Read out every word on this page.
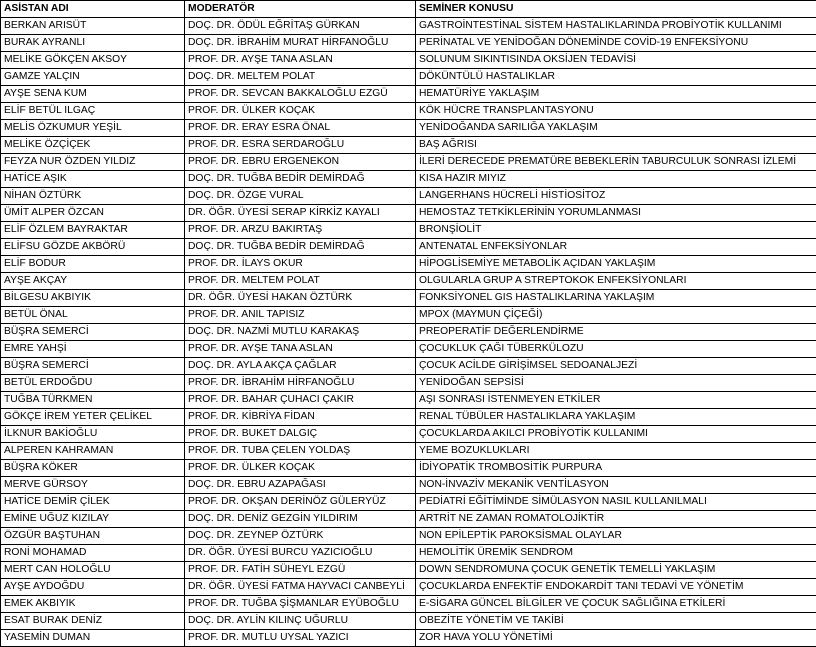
ASİSTAN ADI	MODERATÖR	SEMİNER KONUSU
BERKAN ARISÜT	DOÇ. DR. ÖDÜL EĞRİTAŞ GÜRKAN	GASTROİNTESTİNAL SİSTEM HASTALIKLARINDA PROBİYOTİK KULLANIMI
BURAK AYRANLI	DOÇ. DR. İBRAHİM MURAT HİRFANOĞLU	PERİNATAL VE YENİDOĞAN DÖNEMİNDE COVİD-19 ENFEKSİYONU
MELİKE GÖKÇEN AKSOY	PROF. DR. AYŞE TANA ASLAN	SOLUNUM SIKINTISINDA OKSİJEN TEDAVİSİ
GAMZE YALÇIN	DOÇ. DR. MELTEM POLAT	DÖKÜNTÜLÜ HASTALIKLAR
AYŞE SENA KUM	PROF. DR. SEVCAN BAKKALOĞLU EZGÜ	HEMATÜRİYE YAKLAŞIM
ELİF BETÜL ILGAÇ	PROF. DR. ÜLKER KOÇAK	KÖK HÜCRE TRANSPLANTASYONU
MELİS ÖZKUMUR YEŞİL	PROF. DR. ERAY ESRA ÖNAL	YENİDOĞANDA SARILIĞA YAKLAŞIM
MELİKE ÖZÇİÇEK	PROF. DR. ESRA SERDAROĞLU	BAŞ AĞRISI
FEYZA NUR ÖZDEN YILDIZ	PROF. DR. EBRU ERGENEKON	İLERİ DERECEDE PREMATÜRE BEBEKLERİN TABURCULUK SONRASI İZLEMİ
HATİCE AŞIK	DOÇ. DR. TUĞBA BEDİR DEMİRDAĞ	KISA HAZIR MIYIZ
NİHAN ÖZTÜRK	DOÇ. DR. ÖZGE VURAL	LANGERHANS HÜCRELİ HİSTİOSİTOZ
ÜMİT ALPER ÖZCAN	DR. ÖĞR. ÜYESİ SERAP KİRKİZ KAYALI	HEMOSTAZ TETKİKLERİNİN YORUMLANMASI
ELİF ÖZLEM BAYRAKTAR	PROF. DR. ARZU BAKIRTAŞ	BRONŞİOLİT
ELİFSU GÖZDE AKBÖRÜ	DOÇ. DR. TUĞBA BEDİR DEMİRDAĞ	ANTENATAL ENFEKSİYONLAR
ELİF BODUR	PROF. DR. İLAYS OKUR	HİPOGLİSEMİYE METABOLİK AÇIDAN YAKLAŞIM
AYŞE AKÇAY	PROF. DR. MELTEM POLAT	OLGULARLA GRUP A STREPTOKOK ENFEKSİYONLARI
BİLGESU AKBIYIK	DR. ÖĞR. ÜYESİ HAKAN ÖZTÜRK	FONKSİYONEL GIS HASTALIKLARINA YAKLAŞIM
BETÜL ÖNAL	PROF. DR. ANIL TAPISIZ	MPOX (MAYMUN ÇİÇEĞİ)
BÜŞRA SEMERCİ	DOÇ. DR. NAZMİ MUTLU KARAKAŞ	PREOPERATİF DEĞERLENDİRME
EMRE YAHŞİ	PROF. DR. AYŞE TANA ASLAN	ÇOCUKLUK ÇAĞI TÜBERKÜLOZU
BÜŞRA SEMERCİ	DOÇ. DR. AYLA AKÇA ÇAĞLAR	ÇOCUK ACİLDE GİRİŞİMSEL SEDOANALJEZİ
BETÜL ERDOĞDU	PROF. DR. İBRAHİM HİRFANOĞLU	YENİDOĞAN SEPSİSİ
TUĞBA TÜRKMEN	PROF. DR. BAHAR ÇUHACI ÇAKIR	AŞI SONRASI İSTENMEYEN ETKİLER
GÖKÇE İREM YETER ÇELİKEL	PROF. DR. KİBRİYA FİDAN	RENAL TÜBÜLER HASTALIKLARA YAKLAŞIM
İLKNUR BAKİOĞLU	PROF. DR. BUKET DALGIÇ	ÇOCUKLARDA AKILCI PROBİYOTİK KULLANIMI
ALPEREN KAHRAMAN	PROF. DR. TUBA ÇELEN YOLDAŞ	YEME BOZUKLUKLARI
BÜŞRA KÖKER	PROF. DR. ÜLKER KOÇAK	İDİYOPATİK TROMBOSİTİK PURPURA
MERVE GÜRSOY	DOÇ. DR. EBRU AZAPAĞASI	NON-İNVAZİV MEKANİK VENTİLASYON
HATİCE DEMİR ÇİLEK	PROF. DR. OKŞAN DERİNÖZ GÜLERYÜZ	PEDİATRİ EĞİTİMİNDE SİMÜLASYON NASIL KULLANILMALI
EMİNE UĞUZ KIZILAY	DOÇ. DR. DENİZ GEZGİN YILDIRIM	ARTRİT NE ZAMAN ROMATOLOJİKTİR
ÖZGÜR BAŞTUHAN	DOÇ. DR. ZEYNEP ÖZTÜRK	NON EPİLEPTİK PAROKSİSMAL OLAYLAR
RONİ MOHAMAD	DR. ÖĞR. ÜYESİ BURCU YAZICIOĞLU	HEMOLİTİK ÜREMİK SENDROM
MERT CAN HOLOĞLU	PROF. DR. FATİH SÜHEYL EZGÜ	DOWN SENDROMUNA ÇOCUK GENETİK TEMELLİ YAKLAŞIM
AYŞE AYDOĞDU	DR. ÖĞR. ÜYESİ FATMA HAYVACI CANBEYLİ	ÇOCUKLARDA ENFEKTİF ENDOKARDİT TANI TEDAVİ VE YÖNETİM
EMEK AKBIYIK	PROF. DR. TUĞBA ŞİŞMANLAR EYÜBOĞLU	E-SİGARA GÜNCEL BİLGİLER VE ÇOCUK SAĞLIĞINA ETKİLERİ
ESAT BURAK DENİZ	DOÇ. DR. AYLİN KILINÇ UĞURLU	OBEZİTE YÖNETİM VE TAKİBİ
YASEMİN DUMAN	PROF. DR. MUTLU UYSAL YAZICI	ZOR HAVA YOLU YÖNETİMİ
